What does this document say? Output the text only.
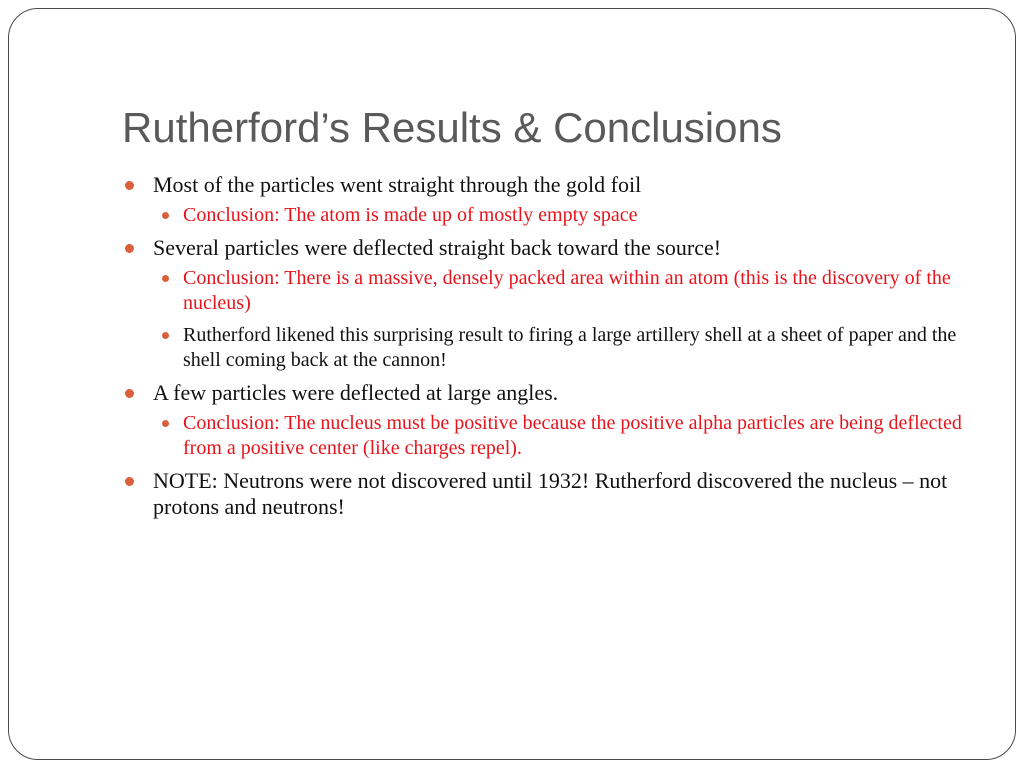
Rutherford’s Results & Conclusions
Most of the particles went straight through the gold foil
Conclusion: The atom is made up of mostly empty space
Several particles were deflected straight back toward the source!
Conclusion: There is a massive, densely packed area within an atom (this is the discovery of the nucleus)
Rutherford likened this surprising result to firing a large artillery shell at a sheet of paper and the shell coming back at the cannon!
A few particles were deflected at large angles.
Conclusion: The nucleus must be positive because the positive alpha particles are being deflected from a positive center (like charges repel).
NOTE: Neutrons were not discovered until 1932! Rutherford discovered the nucleus – not protons and neutrons!
